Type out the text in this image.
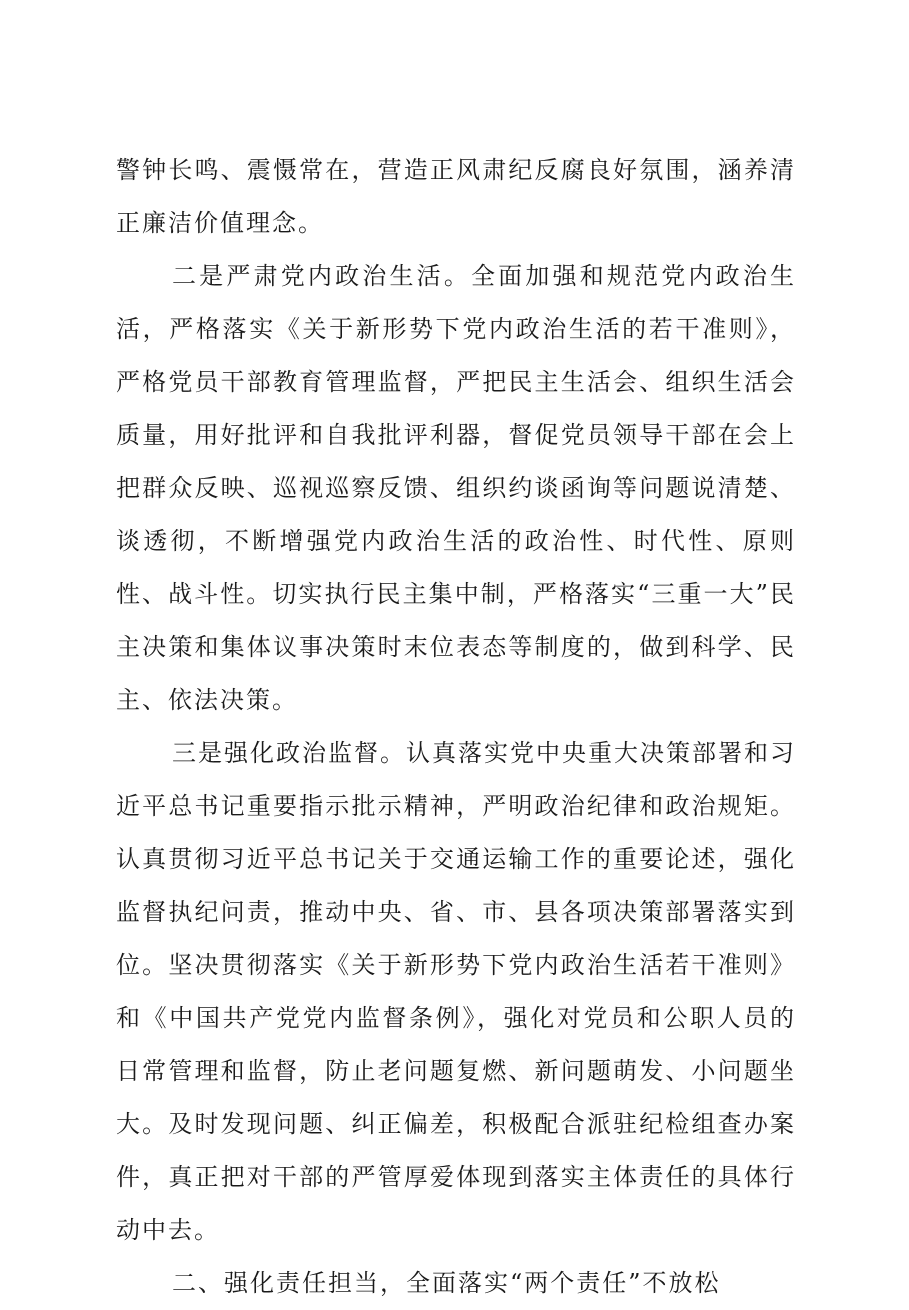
警钟长鸣、震慑常在，营造正风肃纪反腐良好氛围，涵养清正廉洁价值理念。

二是严肃党内政治生活。全面加强和规范党内政治生活，严格落实《关于新形势下党内政治生活的若干准则》，严格党员干部教育管理监督，严把民主生活会、组织生活会质量，用好批评和自我批评利器，督促党员领导干部在会上把群众反映、巡视巡察反馈、组织约谈函询等问题说清楚、谈透彻，不断增强党内政治生活的政治性、时代性、原则性、战斗性。切实执行民主集中制，严格落实“三重一大”民主决策和集体议事决策时末位表态等制度的，做到科学、民主、依法决策。

三是强化政治监督。认真落实党中央重大决策部署和习近平总书记重要指示批示精神，严明政治纪律和政治规矩。认真贯彻习近平总书记关于交通运输工作的重要论述，强化监督执纪问责，推动中央、省、市、县各项决策部署落实到位。坚决贯彻落实《关于新形势下党内政治生活若干准则》和《中国共产党党内监督条例》，强化对党员和公职人员的日常管理和监督，防止老问题复燃、新问题萌发、小问题坐大。及时发现问题、纠正偏差，积极配合派驻纪检组查办案件，真正把对干部的严管厚爱体现到落实主体责任的具体行动中去。

二、强化责任担当，全面落实“两个责任”不放松
